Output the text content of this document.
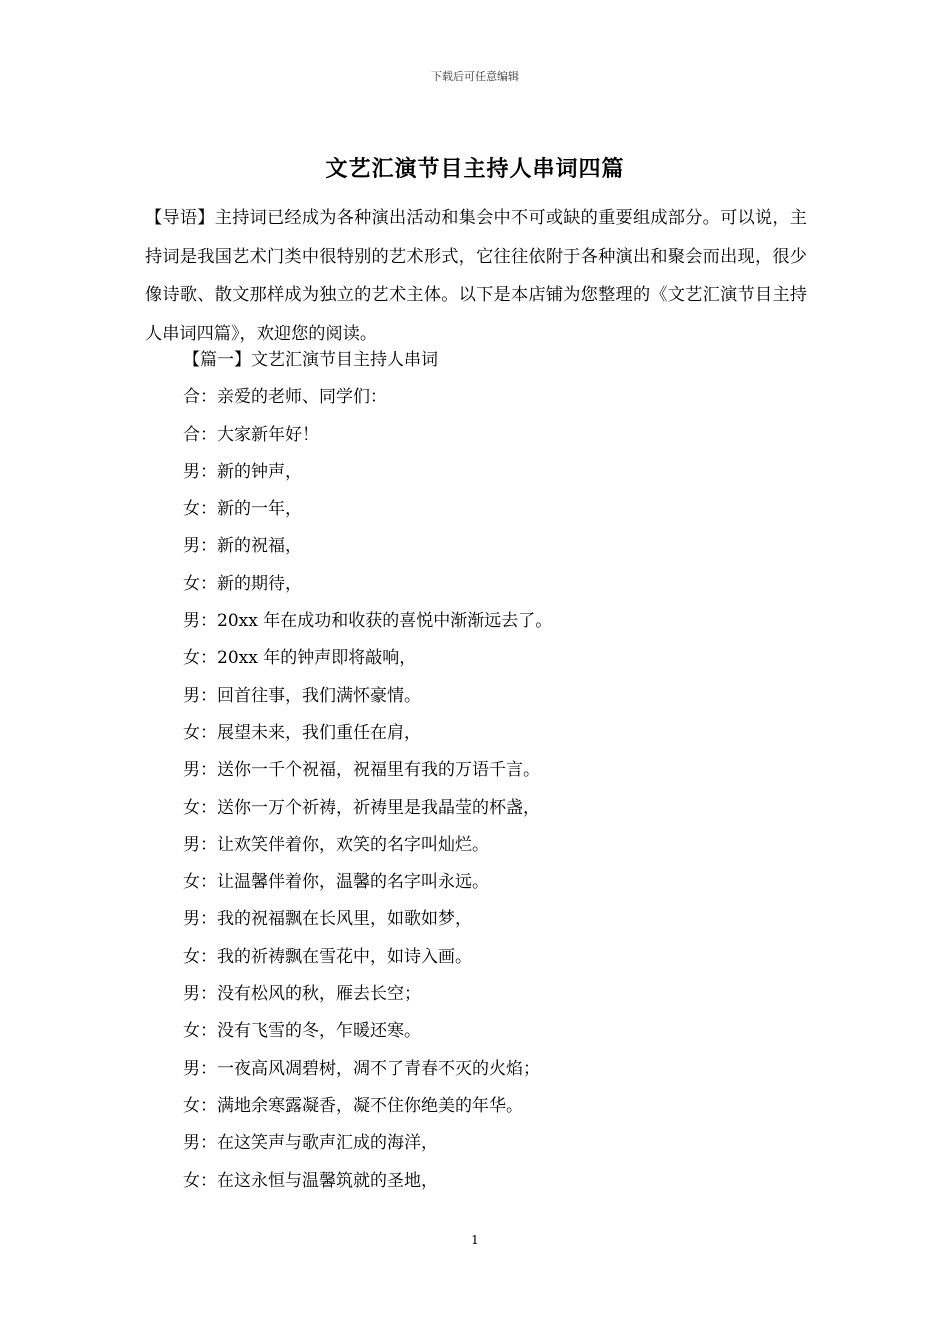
下载后可任意编辑
文艺汇演节目主持人串词四篇

【导语】主持词已经成为各种演出活动和集会中不可或缺的重要组成部分。可以说，主持词是我国艺术门类中很特别的艺术形式，它往往依附于各种演出和聚会而出现，很少像诗歌、散文那样成为独立的艺术主体。以下是本店铺为您整理的《文艺汇演节目主持人串词四篇》，欢迎您的阅读。

【篇一】文艺汇演节目主持人串词
合：亲爱的老师、同学们：
合：大家新年好！
男：新的钟声，
女：新的一年，
男：新的祝福，
女：新的期待，
男：20xx 年在成功和收获的喜悦中渐渐远去了。
女：20xx 年的钟声即将敲响，
男：回首往事，我们满怀豪情。
女：展望未来，我们重任在肩，
男：送你一千个祝福，祝福里有我的万语千言。
女：送你一万个祈祷，祈祷里是我晶莹的杯盏，
男：让欢笑伴着你，欢笑的名字叫灿烂。
女：让温馨伴着你，温馨的名字叫永远。
男：我的祝福飘在长风里，如歌如梦，
女：我的祈祷飘在雪花中，如诗入画。
男：没有松风的秋，雁去长空；
女：没有飞雪的冬，乍暖还寒。
男：一夜高风凋碧树，凋不了青春不灭的火焰；
女：满地余寒露凝香，凝不住你绝美的年华。
男：在这笑声与歌声汇成的海洋，
女：在这永恒与温馨筑就的圣地，
1
